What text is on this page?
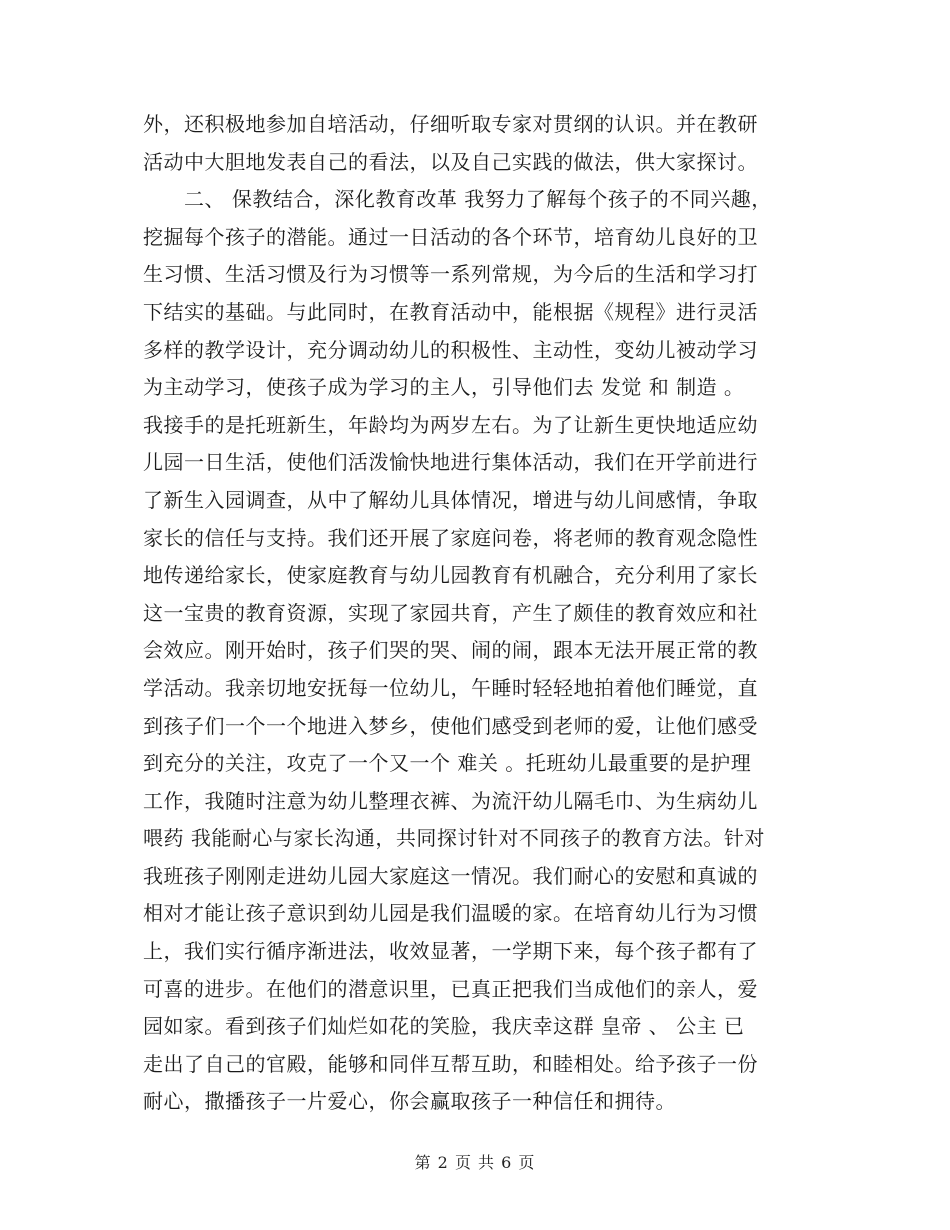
外，还积极地参加自培活动，仔细听取专家对贯纲的认识。并在教研
活动中大胆地发表自己的看法，以及自己实践的做法，供大家探讨。
　　二、 保教结合，深化教育改革 我努力了解每个孩子的不同兴趣，
挖掘每个孩子的潜能。通过一日活动的各个环节，培育幼儿良好的卫
生习惯、生活习惯及行为习惯等一系列常规，为今后的生活和学习打
下结实的基础。与此同时，在教育活动中，能根据《规程》进行灵活
多样的教学设计，充分调动幼儿的积极性、主动性，变幼儿被动学习
为主动学习，使孩子成为学习的主人，引导他们去 发觉 和 制造 。
我接手的是托班新生，年龄均为两岁左右。为了让新生更快地适应幼
儿园一日生活，使他们活泼愉快地进行集体活动，我们在开学前进行
了新生入园调查，从中了解幼儿具体情况，增进与幼儿间感情，争取
家长的信任与支持。我们还开展了家庭问卷，将老师的教育观念隐性
地传递给家长，使家庭教育与幼儿园教育有机融合，充分利用了家长
这一宝贵的教育资源，实现了家园共育，产生了颇佳的教育效应和社
会效应。刚开始时，孩子们哭的哭、闹的闹，跟本无法开展正常的教
学活动。我亲切地安抚每一位幼儿，午睡时轻轻地拍着他们睡觉，直
到孩子们一个一个地进入梦乡，使他们感受到老师的爱，让他们感受
到充分的关注，攻克了一个又一个 难关 。托班幼儿最重要的是护理
工作，我随时注意为幼儿整理衣裤、为流汗幼儿隔毛巾、为生病幼儿
喂药 我能耐心与家长沟通，共同探讨针对不同孩子的教育方法。针对
我班孩子刚刚走进幼儿园大家庭这一情况。我们耐心的安慰和真诚的
相对才能让孩子意识到幼儿园是我们温暖的家。在培育幼儿行为习惯
上，我们实行循序渐进法，收效显著，一学期下来，每个孩子都有了
可喜的进步。在他们的潜意识里，已真正把我们当成他们的亲人，爱
园如家。看到孩子们灿烂如花的笑脸，我庆幸这群 皇帝 、 公主 已
走出了自己的官殿，能够和同伴互帮互助，和睦相处。给予孩子一份
耐心，撒播孩子一片爱心，你会赢取孩子一种信任和拥待。
第 2 页 共 6 页
